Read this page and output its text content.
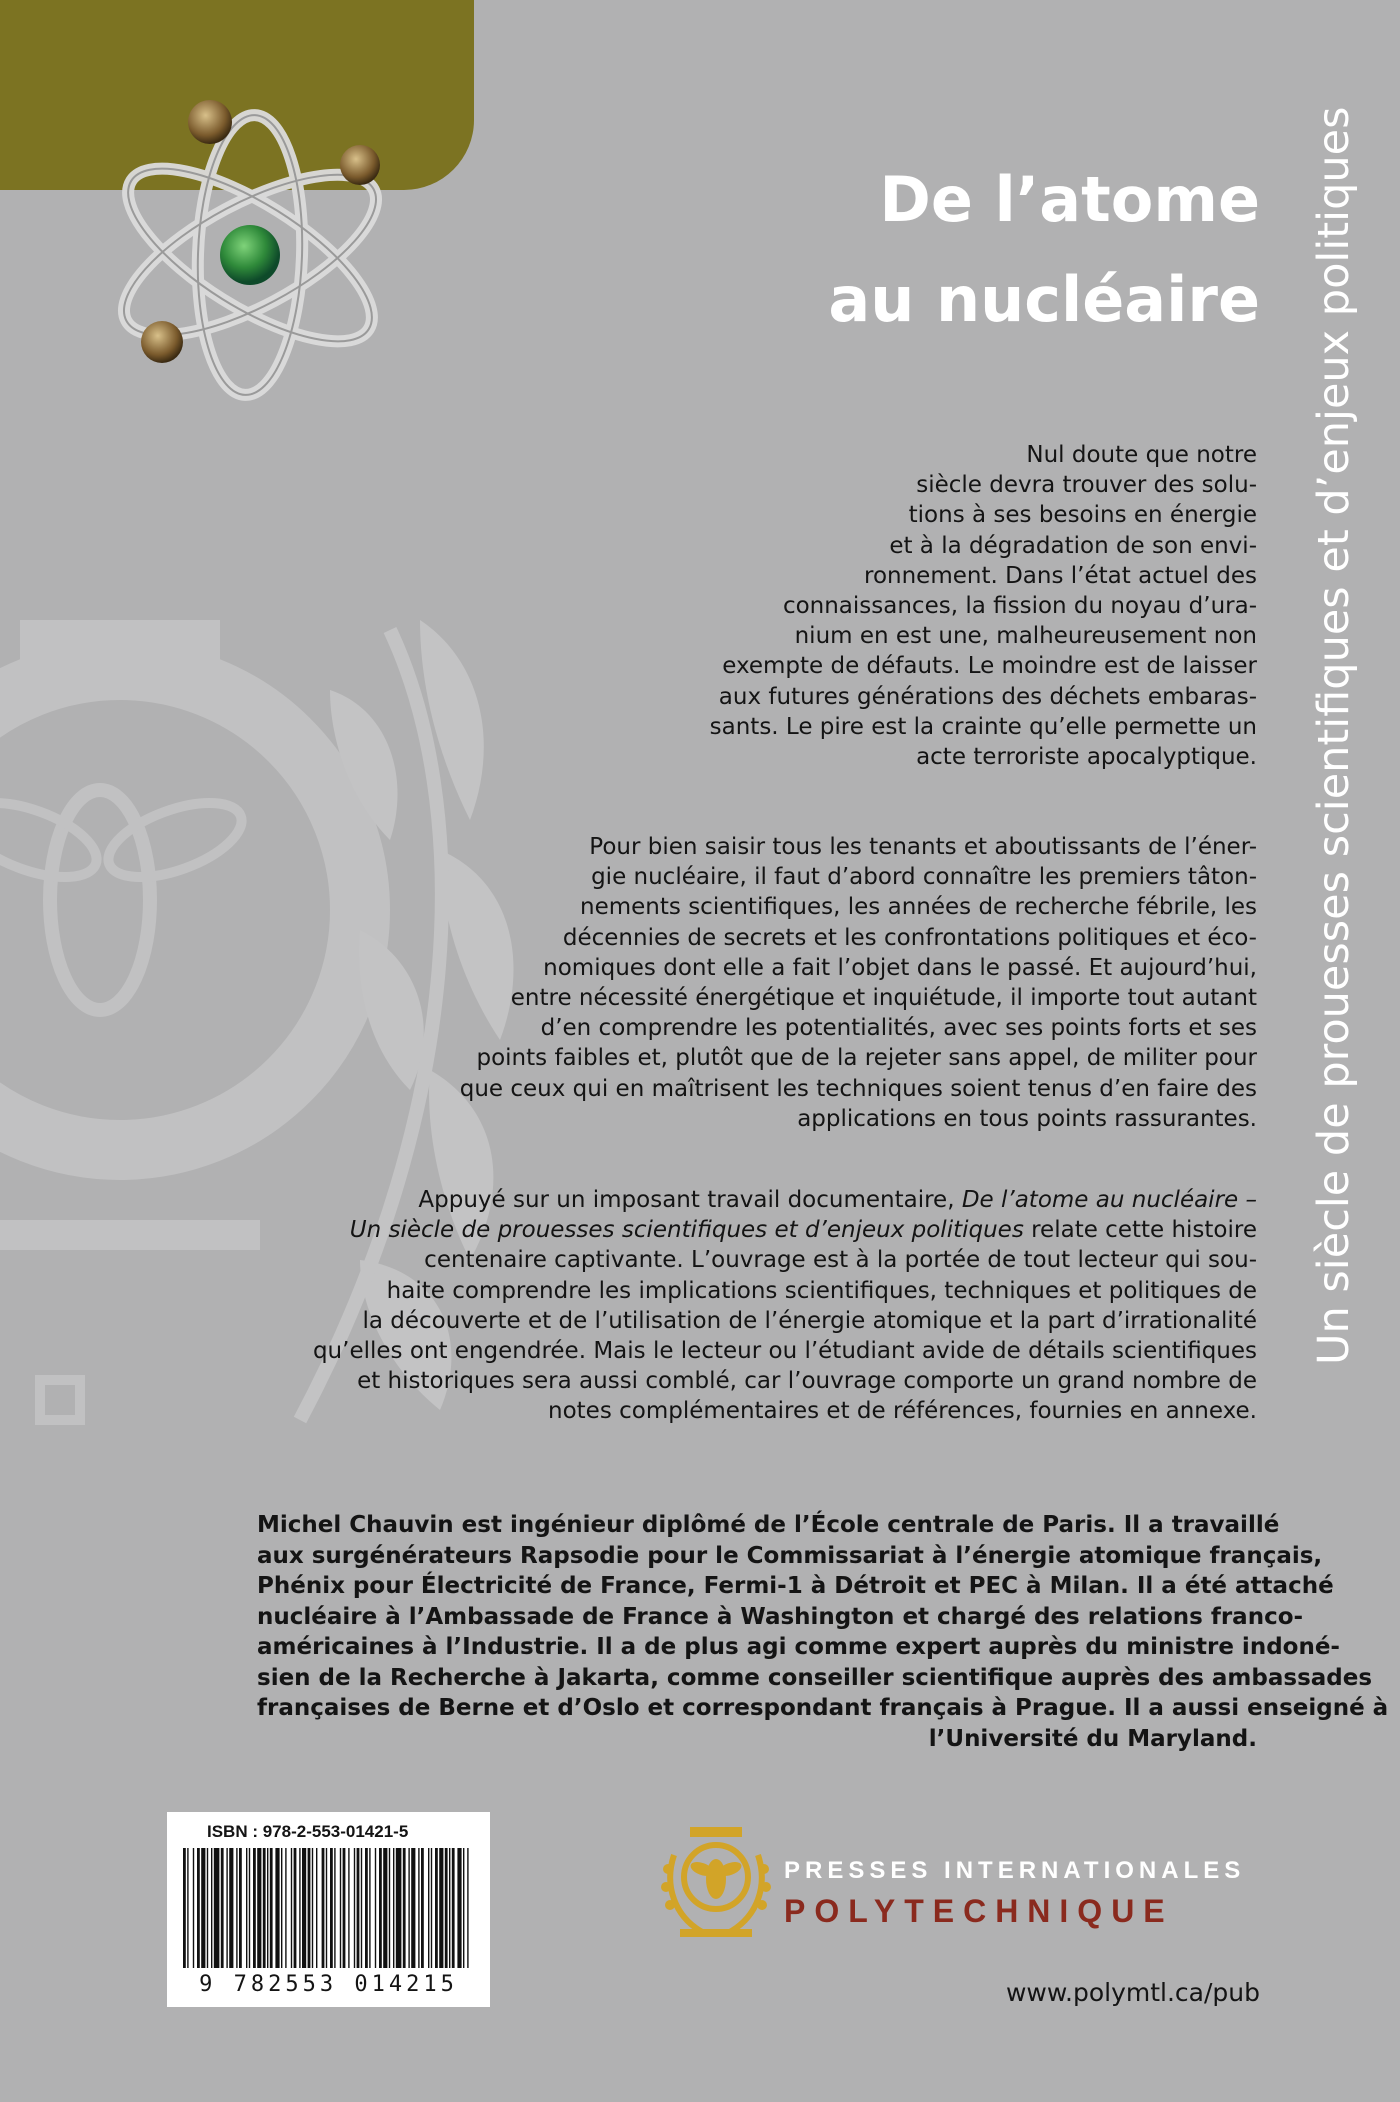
De l’atome
au nucléaire Un siècle de prouesses scientifiques et d’enjeux politiques
Nul doute que notre
siècle devra trouver des solu-
tions à ses besoins en énergie
et à la dégradation de son envi-
ronnement. Dans l’état actuel des
connaissances, la fission du noyau d’ura-
nium en est une, malheureusement non
exempte de défauts. Le moindre est de laisser
aux futures générations des déchets embaras-
sants. Le pire est la crainte qu’elle permette un
acte terroriste apocalyptique.
Pour bien saisir tous les tenants et aboutissants de l’éner-
gie nucléaire, il faut d’abord connaître les premiers tâton-
nements scientifiques, les années de recherche fébrile, les
décennies de secrets et les confrontations politiques et éco-
nomiques dont elle a fait l’objet dans le passé. Et aujourd’hui,
entre nécessité énergétique et inquiétude, il importe tout autant
d’en comprendre les potentialités, avec ses points forts et ses
points faibles et, plutôt que de la rejeter sans appel, de militer pour
que ceux qui en maîtrisent les techniques soient tenus d’en faire des
applications en tous points rassurantes.
Appuyé sur un imposant travail documentaire, De l’atome au nucléaire –
Un siècle de prouesses scientifiques et d’enjeux politiques relate cette histoire
centenaire captivante. L’ouvrage est à la portée de tout lecteur qui sou-
haite comprendre les implications scientifiques, techniques et politiques de
la découverte et de l’utilisation de l’énergie atomique et la part d’irrationalité
qu’elles ont engendrée. Mais le lecteur ou l’étudiant avide de détails scientifiques
et historiques sera aussi comblé, car l’ouvrage comporte un grand nombre de
notes complémentaires et de références, fournies en annexe.
Michel Chauvin est ingénieur diplômé de l’École centrale de Paris. Il a travaillé
aux surgénérateurs Rapsodie pour le Commissariat à l’énergie atomique français,
Phénix pour Électricité de France, Fermi-1 à Détroit et PEC à Milan. Il a été attaché
nucléaire à l’Ambassade de France à Washington et chargé des relations franco-
américaines à l’Industrie. Il a de plus agi comme expert auprès du ministre indoné-
sien de la Recherche à Jakarta, comme conseiller scientifique auprès des ambassades
françaises de Berne et d’Oslo et correspondant français à Prague. Il a aussi enseigné à
l’Université du Maryland.
ISBN : 978-2-553-01421-5
9 782553 014215
PRESSES INTERNATIONALES
POLYTECHNIQUE
www.polymtl.ca/pub
